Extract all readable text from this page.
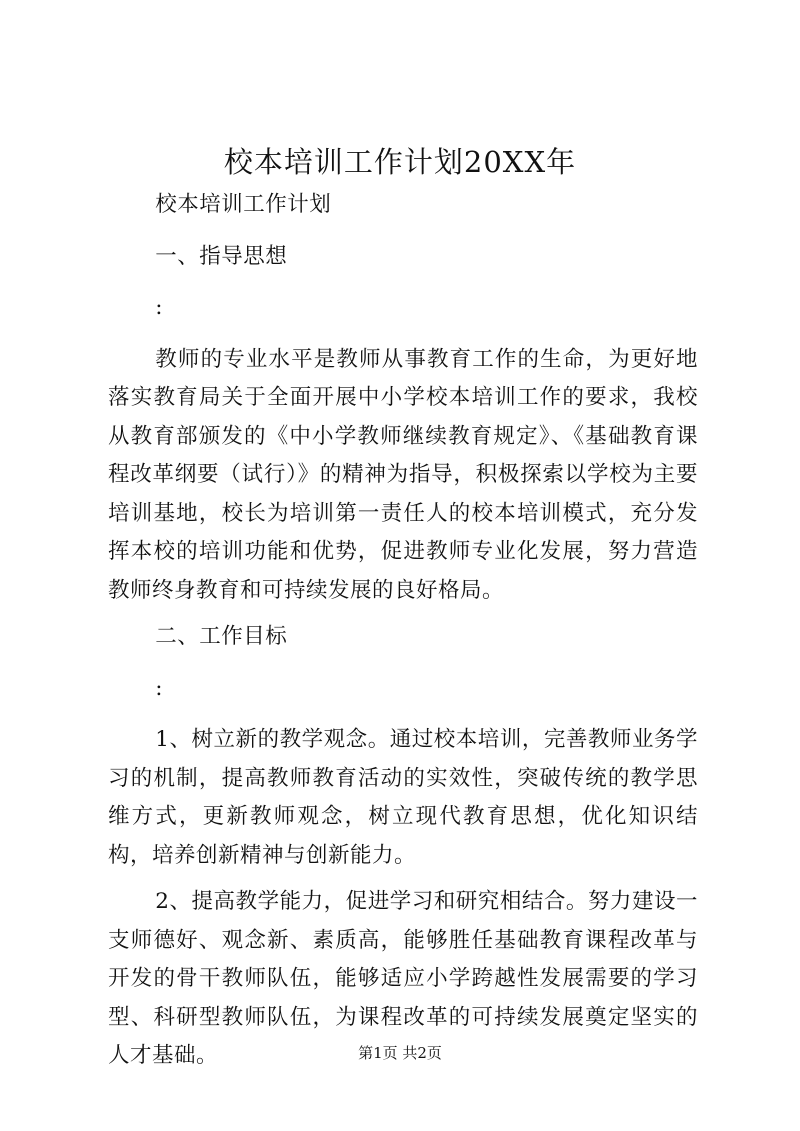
校本培训工作计划20XX年

校本培训工作计划

一、指导思想

:

教师的专业水平是教师从事教育工作的生命，为更好地落实教育局关于全面开展中小学校本培训工作的要求，我校从教育部颁发的《中小学教师继续教育规定》、《基础教育课程改革纲要（试行）》的精神为指导，积极探索以学校为主要培训基地，校长为培训第一责任人的校本培训模式，充分发挥本校的培训功能和优势，促进教师专业化发展，努力营造教师终身教育和可持续发展的良好格局。

二、工作目标

:

1、树立新的教学观念。通过校本培训，完善教师业务学习的机制，提高教师教育活动的实效性，突破传统的教学思维方式，更新教师观念，树立现代教育思想，优化知识结构，培养创新精神与创新能力。

2、提高教学能力，促进学习和研究相结合。努力建设一支师德好、观念新、素质高，能够胜任基础教育课程改革与开发的骨干教师队伍，能够适应小学跨越性发展需要的学习型、科研型教师队伍，为课程改革的可持续发展奠定坚实的人才基础。	第1页 共2页
